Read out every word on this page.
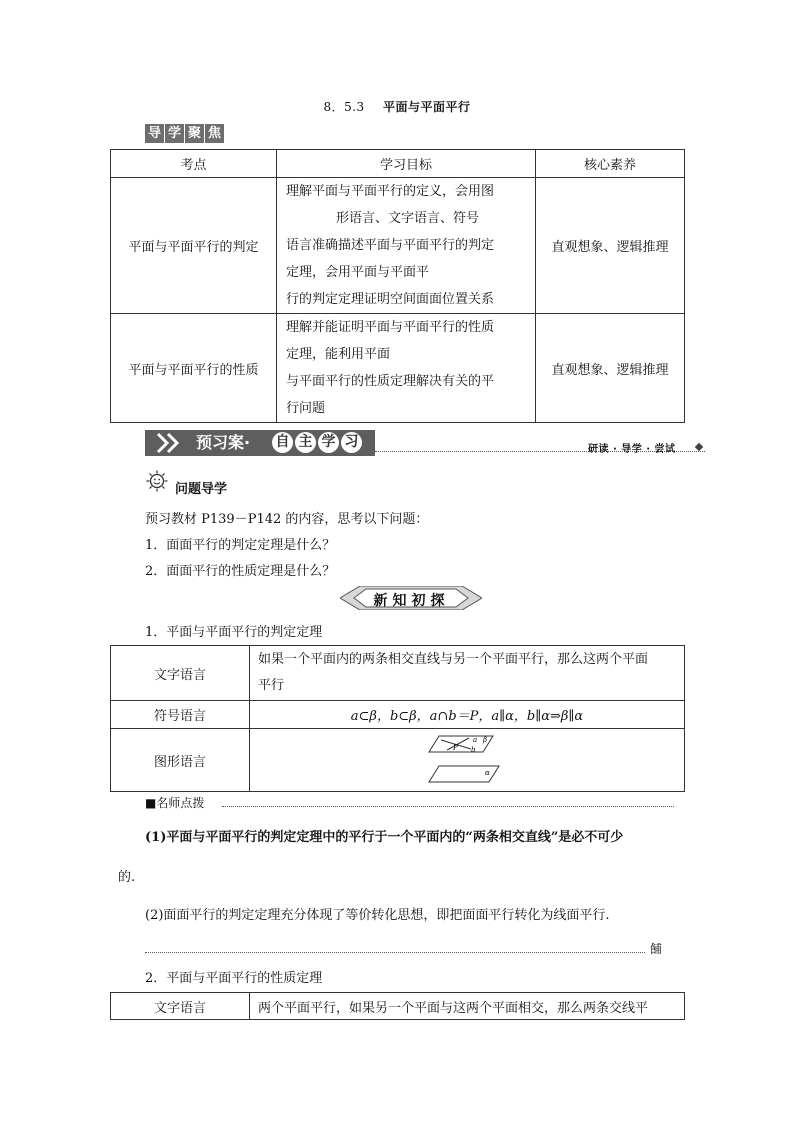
8．5.3 平面与平面平行
导 学 聚 焦
考点	学习目标	核心素养
平面与平面平行的判定	理解平面与平面平行的定义，会用图
形语言、文字语言、符号
语言准确描述平面与平面平行的判定
定理，会用平面与平面平
行的判定定理证明空间面面位置关系	直观想象、逻辑推理
平面与平面平行的性质	理解并能证明平面与平面平行的性质
定理，能利用平面
与平面平行的性质定理解决有关的平
行问题	直观想象、逻辑推理
预习案· 自 主 学 习	研读 · 导学 · 尝试
问题导学
预习教材 P139－P142 的内容，思考以下问题：
1．面面平行的判定定理是什么？
2．面面平行的性质定理是什么？
新知初探
1．平面与平面平行的判定定理
文字语言	如果一个平面内的两条相交直线与另一个平面平行，那么这两个平面
平行

符号语言	a⊂β，b⊂β，a∩b＝P，a∥α，b∥α⇒β∥α
图形语言	a
b
P
β
α
■名师点拨
(1)平面与平面平行的判定定理中的平行于一个平面内的“两条相交直线”是必不可少
的.
(2)面面平行的判定定理充分体现了等价转化思想，即把面面平行转化为线面平行.
餔
2．平面与平面平行的性质定理
文字语言	两个平面平行，如果另一个平面与这两个平面相交，那么两条交线平
